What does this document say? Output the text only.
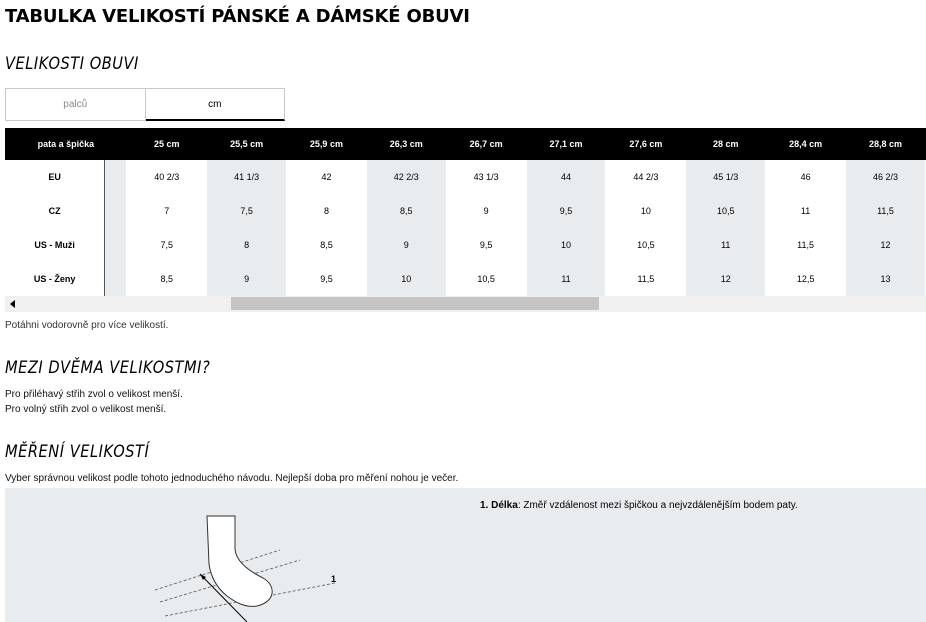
TABULKA VELIKOSTÍ PÁNSKÉ A DÁMSKÉ OBUVI
VELIKOSTI OBUVI
palců	cm
pata a špička		25 cm	25,5 cm	25,9 cm	26,3 cm	26,7 cm	27,1 cm	27,6 cm	28 cm	28,4 cm	28,8 cm
EU		40 2/3	41 1/3	42	42 2/3	43 1/3	44	44 2/3	45 1/3	46	46 2/3
CZ		7	7,5	8	8,5	9	9,5	10	10,5	11	11,5
US - Muži		7,5	8	8,5	9	9,5	10	10,5	11	11,5	12
US - Ženy		8,5	9	9,5	10	10,5	11	11,5	12	12,5	13

Potáhni vodorovně pro více velikostí.

MEZI DVĚMA VELIKOSTMI?

Pro přiléhavý střih zvol o velikost menší.

Pro volný střih zvol o velikost menší.

MĚŘENÍ VELIKOSTÍ

Vyber správnou velikost podle tohoto jednoduchého návodu. Nejlepší doba pro měření nohou je večer.

1
1. Délka: Změř vzdálenost mezi špičkou a nejvzdálenějším bodem paty.
